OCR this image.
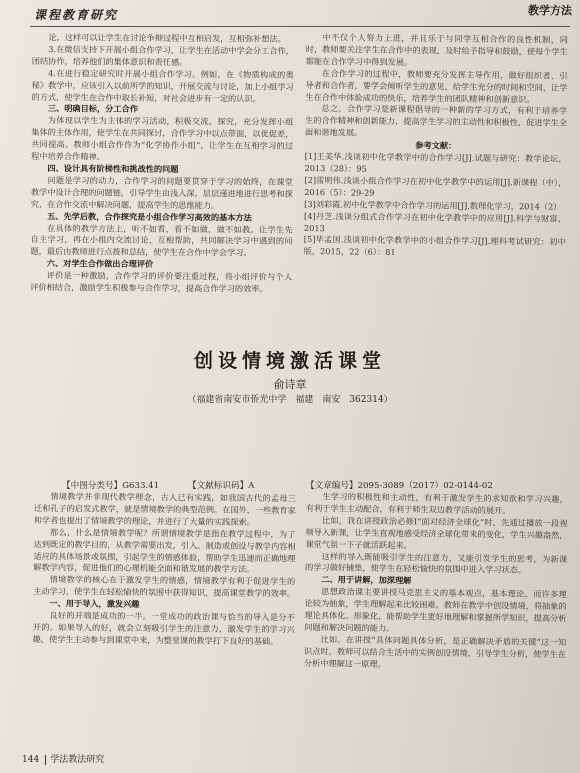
课程教育研究	教学方法

论，这样可以让学生在讨论争辩过程中互相启发，互相弥补想法。

3.在微信支持下开展小组合作学习，让学生在活动中学会分工合作，团结协作，培养他们的集体意识和责任感。

4.在进行稳定研究时开展小组合作学习。例如，在《物质构成的奥秘》教学中，应该引入以前所学的知识，开展交流与讨论，加上小组学习的方式，使学生在合作中取长补短，对社会进步有一定的认识。

三、明确目标，分工合作

为体现以学生为主体的学习活动，积极交流，探究，充分发挥小组集体的主体作用，使学生在共同探讨，合作学习中以点带面，以优促差，共同提高。教师小组合作作为“化学协作小组”，让学生在互相学习的过程中培养合作精神。

四、设计具有阶梯性和挑战性的问题

问题是学习的动力，合作学习的问题要贯穿于学习的始终，在课堂教学中设计合理的问题链，引导学生由浅入深，层层递进地进行思考和探究，在合作交流中解决问题，提高学生的思维能力。

五、先学后教，合作探究是小组合作学习高效的基本方法

在具体的教学方法上，听不如看，看不如做，做不如教。让学生先自主学习，再在小组内交流讨论，互相帮助，共同解决学习中遇到的问题，最后由教师进行点拨和总结，使学生在合作中学会学习。

六、对学生合作做出合理评价

评价是一种激励，合作学习的评价要注重过程，将小组评价与个人评价相结合，激励学生积极参与合作学习，提高合作学习的效率。

中不仅个人努力上进，并且乐于与同学互相合作的良性机制，同时，教师要关注学生在合作中的表现，及时给予指导和鼓励，使每个学生都能在合作学习中得到发展。

在合作学习的过程中，教师要充分发挥主导作用，做好组织者、引导者和合作者，要学会倾听学生的意见，给学生充分的时间和空间，让学生在合作中体验成功的快乐，培养学生的团队精神和创新意识。

总之，合作学习是新课程倡导的一种新的学习方式，有利于培养学生的合作精神和创新能力，提高学生学习的主动性和积极性，促进学生全面和谐地发展。

参考文献：

[1]王美华.浅谈初中化学教学中的合作学习[J].试题与研究：教学论坛，2013（28）：95

[2]雷明伟.浅谈小组合作学习在初中化学教学中的运用[J].新课程（中），2016（5）：29-29

[3]刘彩霞.初中化学教学中合作学习的运用[J].数理化学习，2014（2）

[4]丹芝.浅谈分组式合作学习在初中化学教学中的应用[J].科学与财富，2013

[5]毕孟国.浅谈初中化学教学中的小组合作学习[J].理科考试研究：初中版，2015，22（6）：81

创设情境激活课堂
俞诗章
（福建省南安市侨光中学　福建　南安　362314）
【中图分类号】G633.41	【文献标识码】A	【文章编号】2095-3089（2017）02-0144-02

情境教学并非现代教学理念，古人已有实践，如我国古代的孟母三迁和孔子的启发式教学，就是情境教学的典型范例。在国外，一些教育家和学者也提出了情境教学的理论，并进行了大量的实践探索。

那么，什么是情境教学呢？所谓情境教学是指在教学过程中，为了达到既定的教学目的，从教学需要出发，引入、制造或创设与教学内容相适应的具体场景或氛围，引起学生的情感体验，帮助学生迅速而正确地理解教学内容，促进他们的心理机能全面和谐发展的教学方法。

情境教学的核心在于激发学生的情感，情境教学有利于促进学生的主动学习，使学生在轻松愉快的氛围中获得知识，提高课堂教学的效率。

一、用于导入，激发兴趣

良好的开端是成功的一半。一堂成功的政治课与恰当的导入是分不开的。如果导入的好，就会立刻吸引学生的注意力，激发学生的学习兴趣，使学生主动参与到课堂中来，为整堂课的教学打下良好的基础。

生学习的积极性和主动性，有利于激发学生的求知欲和学习兴趣，有利于学生主动配合，有利于师生双边教学活动的展开。

比如，我在讲授政治必修Ⅰ“面对经济全球化”时，先通过播放一段视频导入新课，让学生直观地感受经济全球化带来的变化，学生兴趣盎然，课堂气氛一下子就活跃起来。

这样的导入既能吸引学生的注意力，又能引发学生的思考，为新课的学习做好铺垫，使学生在轻松愉快的氛围中进入学习状态。

二、用于讲解，加深理解

思想政治课主要讲授马克思主义的基本观点，基本理论，而许多理论较为抽象，学生理解起来比较困难。教师在教学中创设情境，将抽象的理论具体化、形象化，能帮助学生更好地理解和掌握所学知识，提高分析问题和解决问题的能力。

比如，在讲授“具体问题具体分析，是正确解决矛盾的关键”这一知识点时，教师可以结合生活中的实例创设情境，引导学生分析，使学生在分析中理解这一原理。

144 学法教法研究
